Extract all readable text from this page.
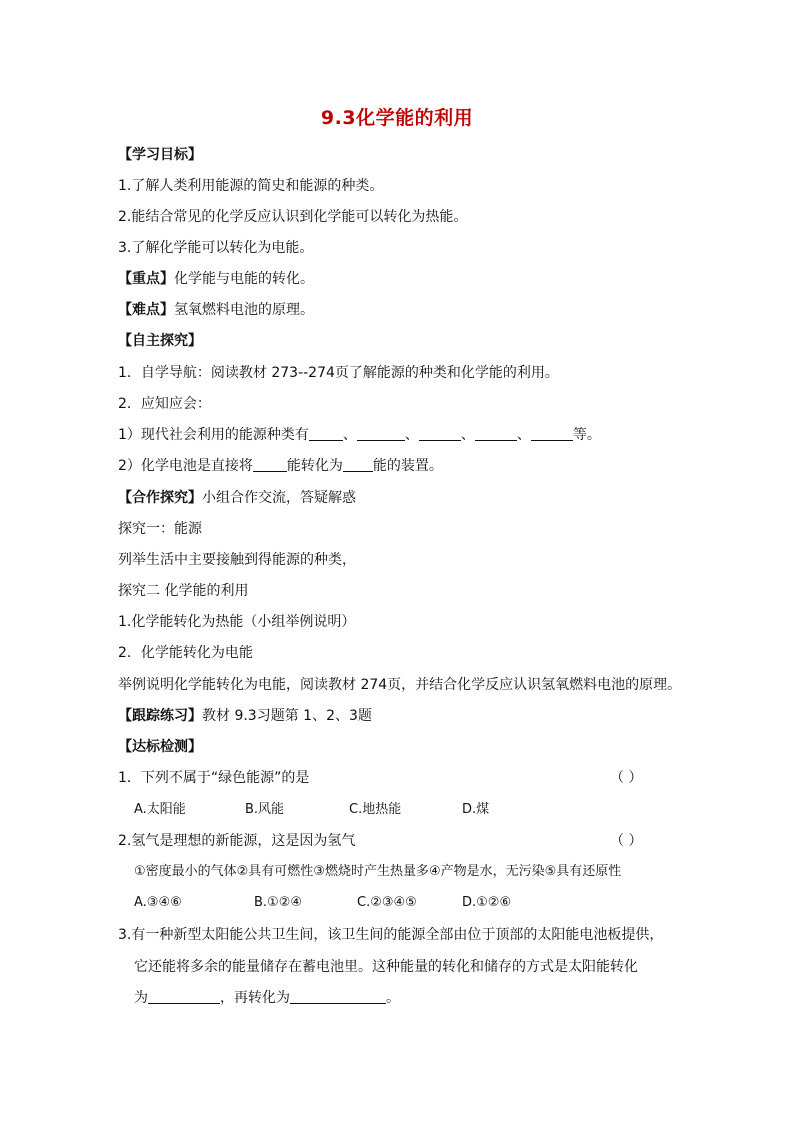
9.3化学能的利用
【学习目标】
1.了解人类利用能源的简史和能源的种类。
2.能结合常见的化学反应认识到化学能可以转化为热能。
3.了解化学能可以转化为电能。
【重点】化学能与电能的转化。
【难点】氢氧燃料电池的原理。
【自主探究】
1．自学导航：阅读教材 273--274页了解能源的种类和化学能的利用。
2．应知应会：
1）现代社会利用的能源种类有 、	、	、	、	等。
2）化学电池是直接将 能转化为 能的装置。
【合作探究】小组合作交流，答疑解惑
探究一：能源
列举生活中主要接触到得能源的种类，
探究二 化学能的利用
1.化学能转化为热能（小组举例说明）
2．化学能转化为电能
举例说明化学能转化为电能，阅读教材 274页，并结合化学反应认识氢氧燃料电池的原理。
【跟踪练习】教材 9.3习题第 1、2、3题
【达标检测】
1．下列不属于“绿色能源”的是	（ ）
A.太阳能	B.风能	C.地热能	D.煤
2.氢气是理想的新能源，这是因为氢气	（ ）
①密度最小的气体②具有可燃性③燃烧时产生热量多④产物是水，无污染⑤具有还原性
A.③④⑥	B.①②④	C.②③④⑤	D.①②⑥
3.有一种新型太阳能公共卫生间，该卫生间的能源全部由位于顶部的太阳能电池板提供，
它还能将多余的能量储存在蓄电池里。这种能量的转化和储存的方式是太阳能转化
为	，再转化为	。
